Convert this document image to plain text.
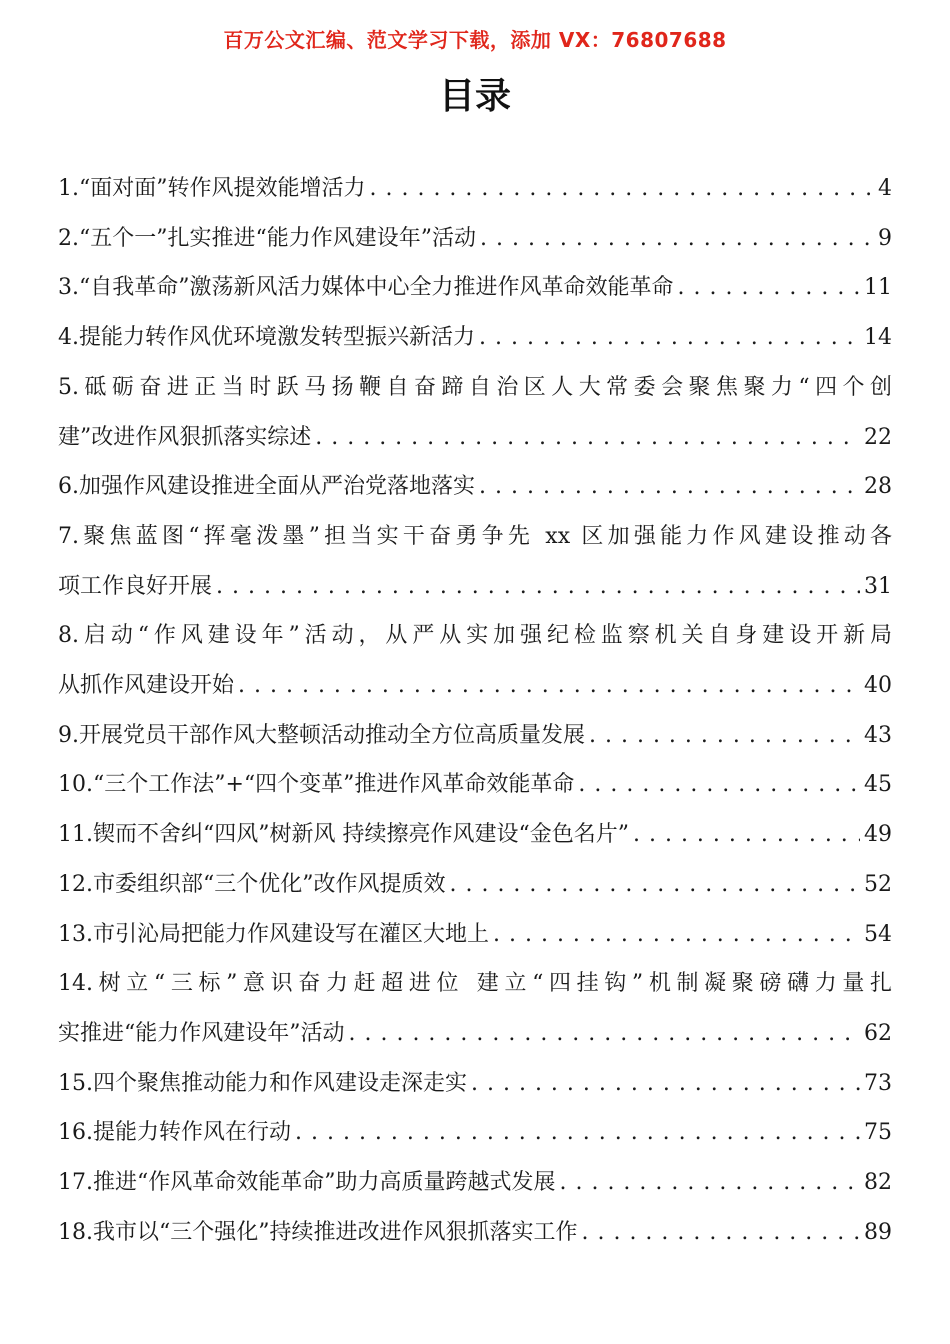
百万公文汇编、范文学习下载，添加 VX：76807688
目录
1.“面对面”转作风提效能增活力 . . .	4
2.“五个一”扎实推进“能力作风建设年”活动 . . .	9
3.“自我革命”激荡新风活力媒体中心全力推进作风革命效能革命 . . .	11
4.提能力转作风优环境激发转型振兴新活力 . . .	14
5.砥砺奋进正当时跃马扬鞭自奋蹄自治区人大常委会聚焦聚力“四个创
建”改进作风狠抓落实综述 . . .	22
6.加强作风建设推进全面从严治党落地落实 . . .	28
7.聚焦蓝图“挥毫泼墨”担当实干奋勇争先 xx 区加强能力作风建设推动各
项工作良好开展 . . .	31
8.启动“作风建设年”活动，从严从实加强纪检监察机关自身建设开新局
从抓作风建设开始 . . .	40
9.开展党员干部作风大整顿活动推动全方位高质量发展 . . .	43
10.“三个工作法”+“四个变革”推进作风革命效能革命 . . .	45
11.锲而不舍纠“四风”树新风 持续擦亮作风建设“金色名片” . . .	49
12.市委组织部“三个优化”改作风提质效 . . .	52
13.市引沁局把能力作风建设写在灌区大地上 . . .	54
14.树立“三标”意识奋力赶超进位 建立“四挂钩”机制凝聚磅礴力量扎
实推进“能力作风建设年”活动 . . .	62
15.四个聚焦推动能力和作风建设走深走实 . . .	73
16.提能力转作风在行动 . . .	75
17.推进“作风革命效能革命”助力高质量跨越式发展 . . .	82
18.我市以“三个强化”持续推进改进作风狠抓落实工作 . . .	89
